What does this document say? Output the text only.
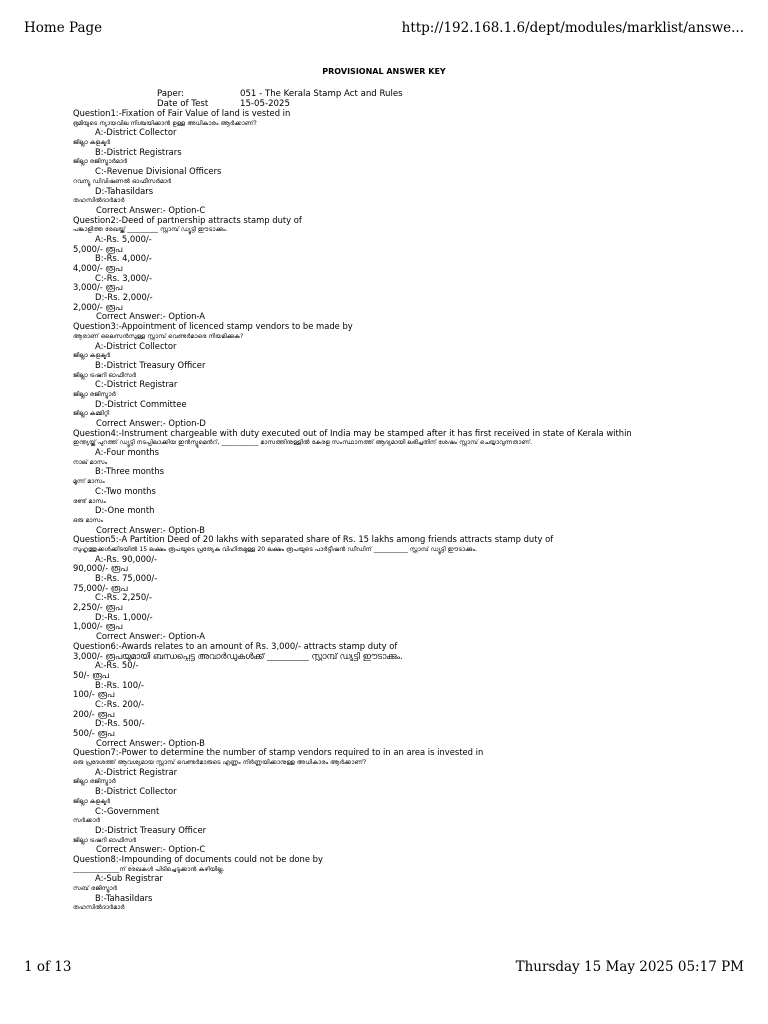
Home Page	http://192.168.1.6/dept/modules/marklist/answe...
PROVISIONAL ANSWER KEY
Paper:	051 - The Kerala Stamp Act and Rules
Date of Test	15-05-2025
Question1:-Fixation of Fair Value of land is vested in
ഭൂമിയുടെ ന്യായവില നിശ്ചയിക്കാൻ ഉള്ള അധികാരം ആർക്കാണ്?
A:-District Collector
ജില്ലാ കളക്ടർ
B:-District Registrars
ജില്ലാ രജിസ്ട്രാർമാർ
C:-Revenue Divisional Officers
റവന്യൂ ഡിവിഷണൽ ഓഫീസർമാർ
D:-Tahasildars
തഹസിൽദാർമാർ
Correct Answer:- Option-C
Question2:-Deed of partnership attracts stamp duty of
പങ്കാളിത്ത രേഖയ്ക്ക് __________ സ്റ്റാമ്പ് ഡ്യൂട്ടി ഈടാക്കും.
A:-Rs. 5,000/-
5,000/- രൂപ
B:-Rs. 4,000/-
4,000/- രൂപ
C:-Rs. 3,000/-
3,000/- രൂപ
D:-Rs. 2,000/-
2,000/- രൂപ
Correct Answer:- Option-A
Question3:-Appointment of licenced stamp vendors to be made by
ആരാണ് ലൈസൻസുള്ള സ്റ്റാമ്പ് വെണ്ടർമാരെ നിയമിക്കുക?
A:-District Collector
ജില്ലാ കളക്ടർ
B:-District Treasury Officer
ജില്ലാ ട്രഷറി ഓഫീസർ
C:-District Registrar
ജില്ലാ രജിസ്ട്രാർ
D:-District Committee
ജില്ലാ കമ്മിറ്റി
Correct Answer:- Option-D
Question4:-Instrument chargeable with duty executed out of India may be stamped after it has first received in state of Kerala within
ഇന്ത്യയ്ക്ക് പുറത്ത് ഡ്യൂട്ടി നടപ്പിലാക്കിയ ഇൻസ്ട്രുമെൻറ്, ____________ മാസത്തിനുള്ളിൽ കേരള സംസ്ഥാനത്ത് ആദ്യമായി ലഭിച്ചതിന് ശേഷം സ്റ്റാമ്പ് ചെയ്യാവുന്നതാണ്.
A:-Four months
നാല് മാസം
B:-Three months
മൂന്ന് മാസം
C:-Two months
രണ്ട് മാസം
D:-One month
ഒരു മാസം
Correct Answer:- Option-B
Question5:-A Partition Deed of 20 lakhs with separated share of Rs. 15 lakhs among friends attracts stamp duty of
സുഹൃത്തുക്കൾക്കിടയിൽ 15 ലക്ഷം രൂപയുടെ പ്രത്യേക വിഹിതമുള്ള 20 ലക്ഷം രൂപയുടെ പാർട്ടീഷൻ ഡീഡിന് ___________ സ്റ്റാമ്പ് ഡ്യൂട്ടി ഈടാക്കും.
A:-Rs. 90,000/-
90,000/- രൂപ
B:-Rs. 75,000/-
75,000/- രൂപ
C:-Rs. 2,250/-
2,250/- രൂപ
D:-Rs. 1,000/-
1,000/- രൂപ
Correct Answer:- Option-A
Question6:-Awards relates to an amount of Rs. 3,000/- attracts stamp duty of
3,000/- രൂപയുമായി ബന്ധപ്പെട്ട അവാർഡുകൾക്ക് __________ സ്റ്റാമ്പ് ഡ്യൂട്ടി ഈടാക്കും.
A:-Rs. 50/-
50/- രൂപ
B:-Rs. 100/-
100/- രൂപ
C:-Rs. 200/-
200/- രൂപ
D:-Rs. 500/-
500/- രൂപ
Correct Answer:- Option-B
Question7:-Power to determine the number of stamp vendors required to in an area is invested in
ഒരു പ്രദേശത്ത് ആവശ്യമായ സ്റ്റാമ്പ് വെണ്ടർമാരുടെ എണ്ണം നിർണ്ണയിക്കാനുള്ള അധികാരം ആർക്കാണ്?
A:-District Registrar
ജില്ലാ രജിസ്ട്രാർ
B:-District Collector
ജില്ലാ കളക്ടർ
C:-Government
സർക്കാർ
D:-District Treasury Officer
ജില്ലാ ട്രഷറി ഓഫീസർ
Correct Answer:- Option-C
Question8:-Impounding of documents could not be done by
_______________ന് രേഖകൾ പിടിച്ചെടുക്കാൻ കഴിയില്ല.
A:-Sub Registrar
സബ് രജിസ്ട്രാർ
B:-Tahasildars
തഹസിൽദാർമാർ
1 of 13	Thursday 15 May 2025 05:17 PM
